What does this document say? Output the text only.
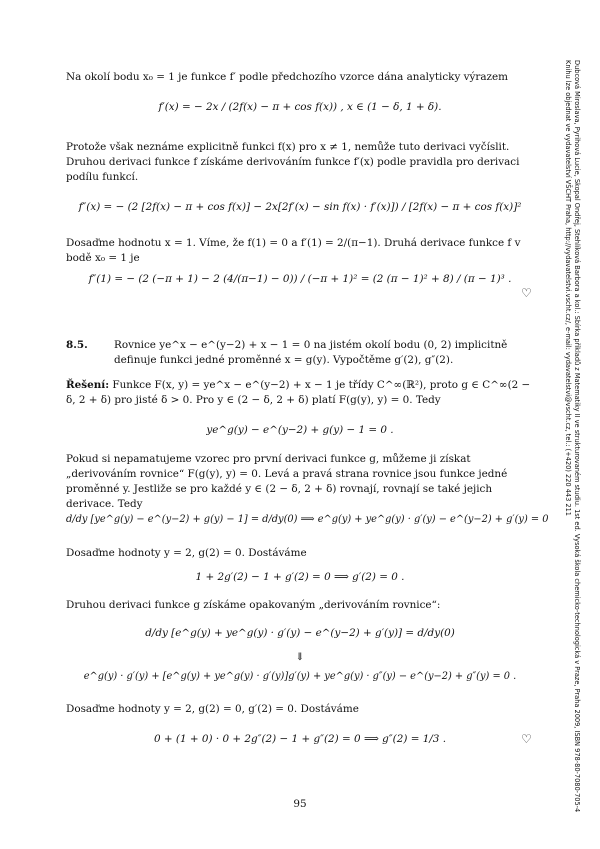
Na okolí bodu x₀ = 1 je funkce f′ podle předchozího vzorce dána analyticky výrazem

f′(x) = − 2x / (2f(x) − π + cos f(x)) , x ∈ (1 − δ, 1 + δ).

Protože však neznáme explicitně funkci f(x) pro x ≠ 1, nemůže tuto derivaci vyčíslit. Druhou derivaci funkce f získáme derivováním funkce f′(x) podle pravidla pro derivaci podílu funkcí.

f″(x) = − (2 [2f(x) − π + cos f(x)] − 2x[2f′(x) − sin f(x) · f′(x)]) / [2f(x) − π + cos f(x)]²

Dosaďme hodnotu x = 1. Víme, že f(1) = 0 a f′(1) = 2/(π−1). Druhá derivace funkce f v bodě x₀ = 1 je

f″(1) = − (2 (−π + 1) − 2 (4/(π−1) − 0)) / (−π + 1)² = (2 (π − 1)² + 8) / (π − 1)³ .
♡
8.5.	Rovnice ye^x − e^(y−2) + x − 1 = 0 na jistém okolí bodu (0, 2) implicitně definuje funkci jedné proměnné x = g(y). Vypočtěme g′(2), g″(2).

Řešení: Funkce F(x, y) = ye^x − e^(y−2) + x − 1 je třídy C^∞(ℝ²), proto g ∈ C^∞(2 − δ, 2 + δ) pro jisté δ > 0. Pro y ∈ (2 − δ, 2 + δ) platí F(g(y), y) = 0. Tedy

ye^g(y) − e^(y−2) + g(y) − 1 = 0 .

Pokud si nepamatujeme vzorec pro první derivaci funkce g, můžeme ji získat „derivováním rovnice“ F(g(y), y) = 0. Levá a pravá strana rovnice jsou funkce jedné proměnné y. Jestliže se pro každé y ∈ (2 − δ, 2 + δ) rovnají, rovnají se také jejich derivace. Tedy

d/dy [ye^g(y) − e^(y−2) + g(y) − 1] = d/dy(0) ⟹ e^g(y) + ye^g(y) · g′(y) − e^(y−2) + g′(y) = 0

Dosaďme hodnoty y = 2, g(2) = 0. Dostáváme

1 + 2g′(2) − 1 + g′(2) = 0 ⟹ g′(2) = 0 .

Druhou derivaci funkce g získáme opakovaným „derivováním rovnice“:

d/dy [e^g(y) + ye^g(y) · g′(y) − e^(y−2) + g′(y)] = d/dy(0)
⇓
e^g(y) · g′(y) + [e^g(y) + ye^g(y) · g′(y)]g′(y) + ye^g(y) · g″(y) − e^(y−2) + g″(y) = 0 .

Dosaďme hodnoty y = 2, g(2) = 0, g′(2) = 0. Dostáváme

0 + (1 + 0) · 0 + 2g″(2) − 1 + g″(2) = 0 ⟹ g″(2) = 1/3 .	♡
95	Dubcová Miroslava, Pyrihová Lucie, Skopal Ondřej, Stehlíková Barbora a kol.: Sbírka příkladů z Matematiky II ve strukturovaném studiu. 1st ed. Vysoká škola chemicko-technologická v Praze, Praha 2009, ISBN 978-80-7080-705-4
Knihu lze objednat ve vydavatelství VŠCHT Praha, http://vydavatelstvi.vscht.cz/, e-mail: vydavatelstvi@vscht.cz, tel.: (+420) 220 443 211
